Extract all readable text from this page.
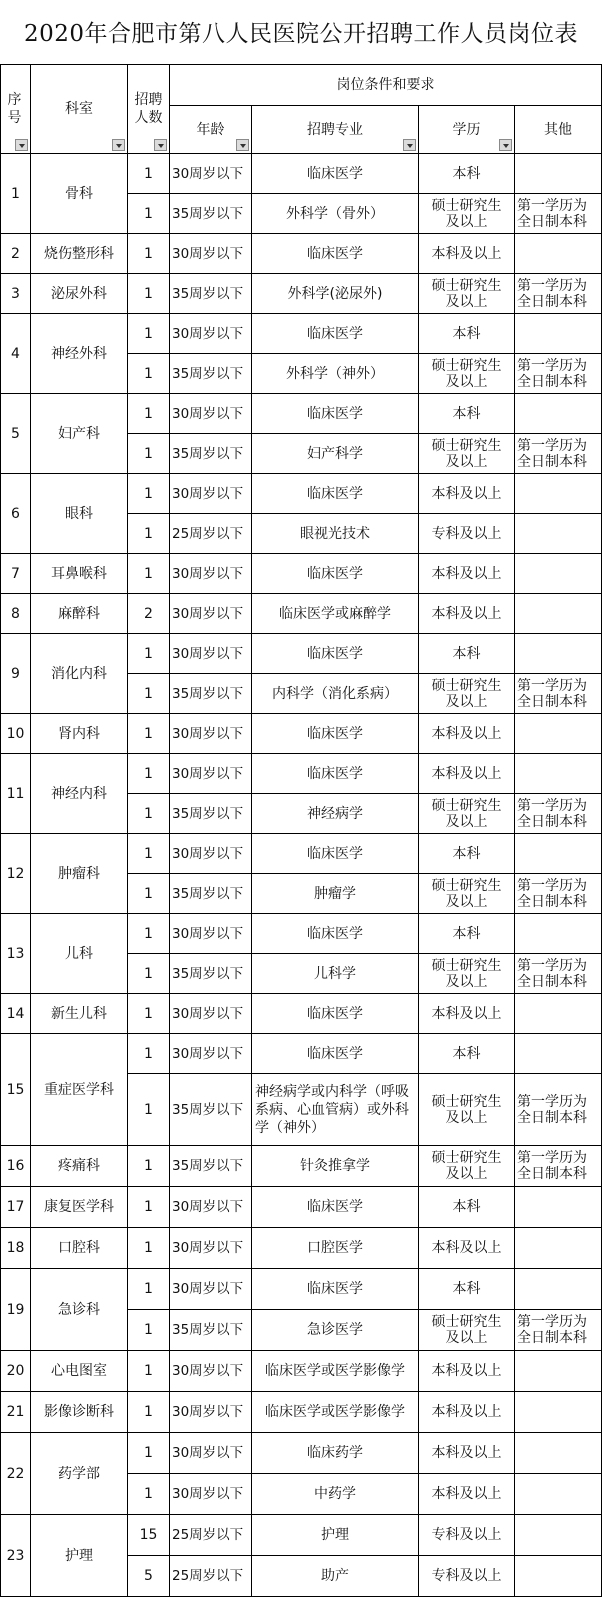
2020年合肥市第八人民医院公开招聘工作人员岗位表
序号	科室	招聘人数	岗位条件和要求			
			年龄	招聘专业	学历	其他
1	骨科	1	30周岁以下	临床医学	本科	
		1	35周岁以下	外科学（骨外）	硕士研究生及以上	第一学历为全日制本科
2	烧伤整形科	1	30周岁以下	临床医学	本科及以上	
3	泌尿外科	1	35周岁以下	外科学(泌尿外)	硕士研究生及以上	第一学历为全日制本科
4	神经外科	1	30周岁以下	临床医学	本科	
		1	35周岁以下	外科学（神外）	硕士研究生及以上	第一学历为全日制本科
5	妇产科	1	30周岁以下	临床医学	本科	
		1	35周岁以下	妇产科学	硕士研究生及以上	第一学历为全日制本科
6	眼科	1	30周岁以下	临床医学	本科及以上	
		1	25周岁以下	眼视光技术	专科及以上	
7	耳鼻喉科	1	30周岁以下	临床医学	本科及以上	
8	麻醉科	2	30周岁以下	临床医学或麻醉学	本科及以上	
9	消化内科	1	30周岁以下	临床医学	本科	
		1	35周岁以下	内科学（消化系病）	硕士研究生及以上	第一学历为全日制本科
10	肾内科	1	30周岁以下	临床医学	本科及以上	
11	神经内科	1	30周岁以下	临床医学	本科及以上	
		1	35周岁以下	神经病学	硕士研究生及以上	第一学历为全日制本科
12	肿瘤科	1	30周岁以下	临床医学	本科	
		1	35周岁以下	肿瘤学	硕士研究生及以上	第一学历为全日制本科
13	儿科	1	30周岁以下	临床医学	本科	
		1	35周岁以下	儿科学	硕士研究生及以上	第一学历为全日制本科
14	新生儿科	1	30周岁以下	临床医学	本科及以上	
15	重症医学科	1	30周岁以下	临床医学	本科	
		1	35周岁以下	神经病学或内科学（呼吸系病、心血管病）或外科学（神外）	硕士研究生及以上	第一学历为全日制本科
16	疼痛科	1	35周岁以下	针灸推拿学	硕士研究生及以上	第一学历为全日制本科
17	康复医学科	1	30周岁以下	临床医学	本科	
18	口腔科	1	30周岁以下	口腔医学	本科及以上	
19	急诊科	1	30周岁以下	临床医学	本科	
		1	35周岁以下	急诊医学	硕士研究生及以上	第一学历为全日制本科
20	心电图室	1	30周岁以下	临床医学或医学影像学	本科及以上	
21	影像诊断科	1	30周岁以下	临床医学或医学影像学	本科及以上	
22	药学部	1	30周岁以下	临床药学	本科及以上	
		1	30周岁以下	中药学	本科及以上	
23	护理	15	25周岁以下	护理	专科及以上	
		5	25周岁以下	助产	专科及以上	
